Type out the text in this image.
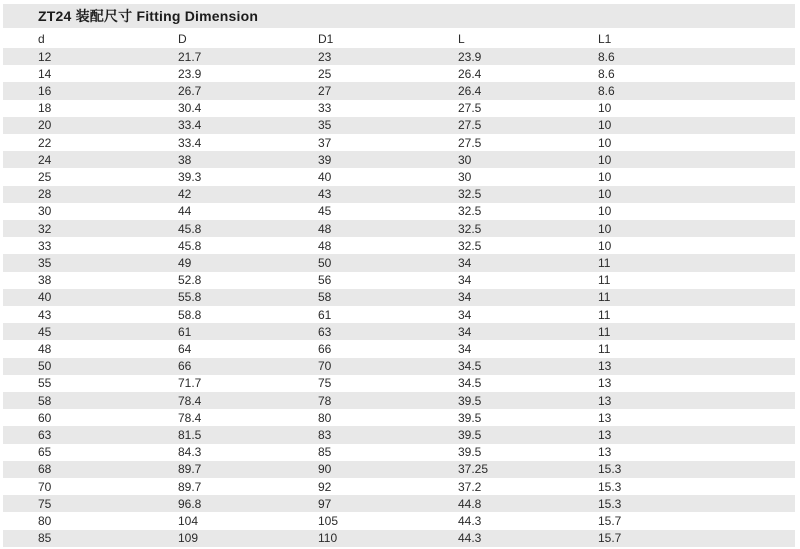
ZT24 装配尺寸 Fitting Dimension
d	D	D1	L	L1
12	21.7	23	23.9	8.6
14	23.9	25	26.4	8.6
16	26.7	27	26.4	8.6
18	30.4	33	27.5	10
20	33.4	35	27.5	10
22	33.4	37	27.5	10
24	38	39	30	10
25	39.3	40	30	10
28	42	43	32.5	10
30	44	45	32.5	10
32	45.8	48	32.5	10
33	45.8	48	32.5	10
35	49	50	34	11
38	52.8	56	34	11
40	55.8	58	34	11
43	58.8	61	34	11
45	61	63	34	11
48	64	66	34	11
50	66	70	34.5	13
55	71.7	75	34.5	13
58	78.4	78	39.5	13
60	78.4	80	39.5	13
63	81.5	83	39.5	13
65	84.3	85	39.5	13
68	89.7	90	37.25	15.3
70	89.7	92	37.2	15.3
75	96.8	97	44.8	15.3
80	104	105	44.3	15.7
85	109	110	44.3	15.7
